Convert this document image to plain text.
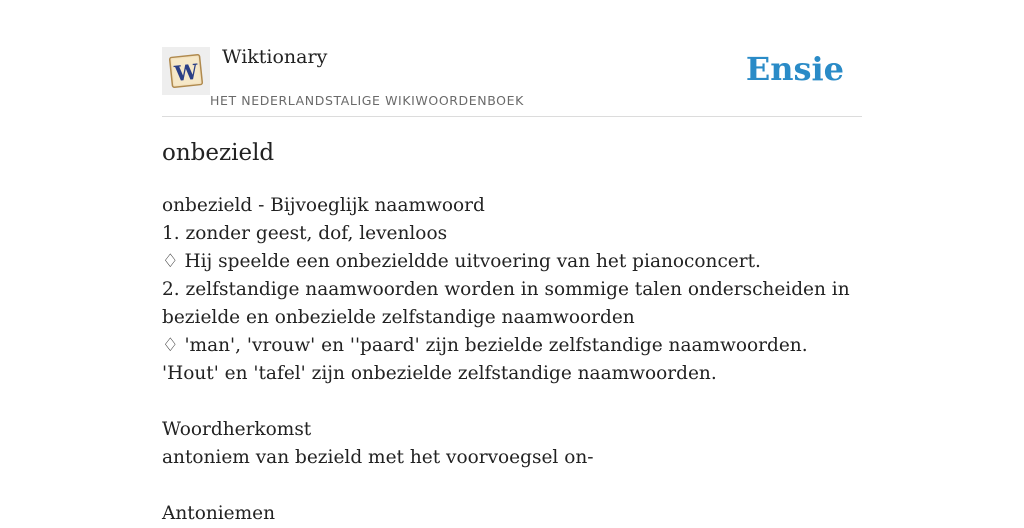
W
Wiktionary
HET NEDERLANDSTALIGE WIKIWOORDENBOEK
Ensie
onbezield
onbezield - Bijvoeglijk naamwoord
1. zonder geest, dof, levenloos
♢ Hij speelde een onbezieldde uitvoering van het pianoconcert.
2. zelfstandige naamwoorden worden in sommige talen onderscheiden in bezielde en onbezielde zelfstandige naamwoorden
♢ 'man', 'vrouw' en ''paard' zijn bezielde zelfstandige naamwoorden. 'Hout' en 'tafel' zijn onbezielde zelfstandige naamwoorden.
Woordherkomst
antoniem van bezield met het voorvoegsel on-
Antoniemen
